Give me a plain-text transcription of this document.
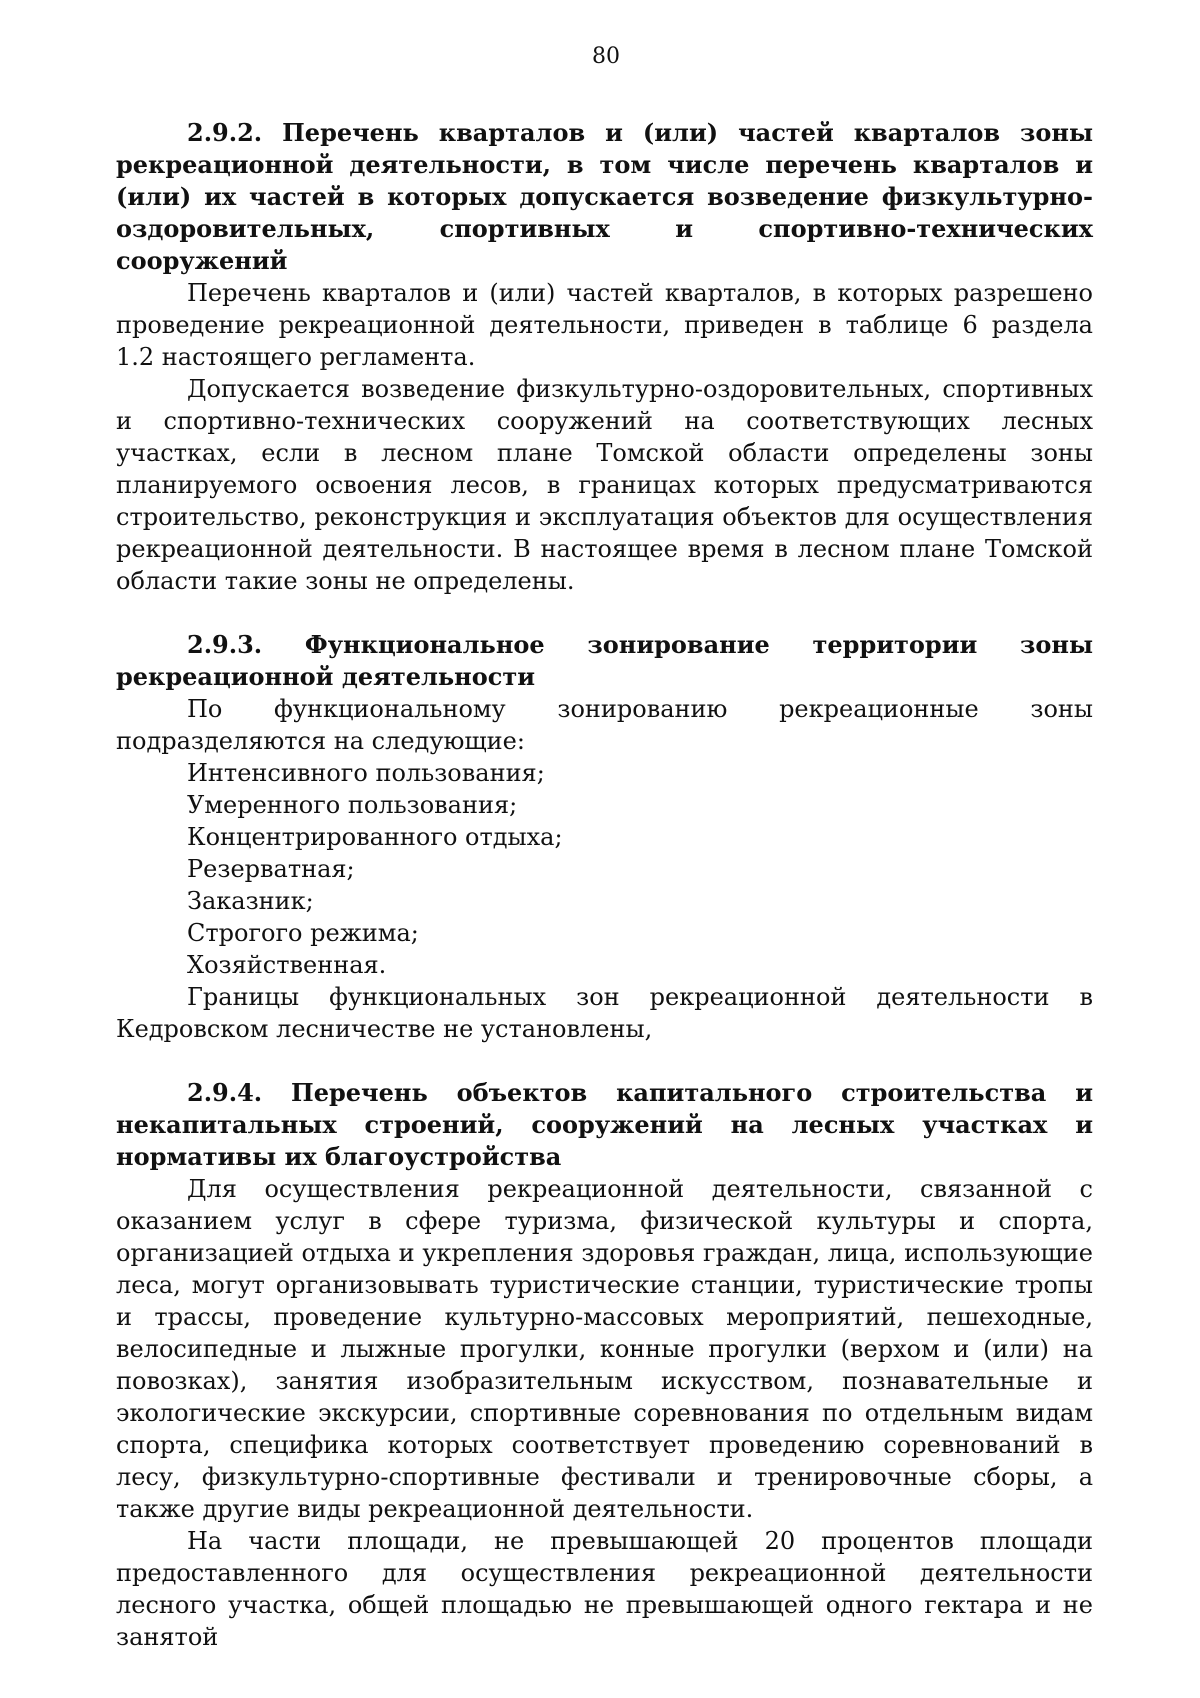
80

2.9.2. Перечень кварталов и (или) частей кварталов зоны рекреационной деятельности, в том числе перечень кварталов и (или) их частей в которых допускается возведение физкультурно-оздоровительных, спортивных и спортивно-технических сооружений

Перечень кварталов и (или) частей кварталов, в которых разрешено проведение рекреационной деятельности, приведен в таблице 6 раздела 1.2 настоящего регламента.

Допускается возведение физкультурно-оздоровительных, спортивных и спортивно-технических сооружений на соответствующих лесных участках, если в лесном плане Томской области определены зоны планируемого освоения лесов, в границах которых предусматриваются строительство, реконструкция и эксплуатация объектов для осуществления рекреационной деятельности. В настоящее время в лесном плане Томской области такие зоны не определены.

2.9.3. Функциональное зонирование территории зоны рекреационной деятельности

По функциональному зонированию рекреационные зоны подразделяются на следующие:

Интенсивного пользования;

Умеренного пользования;

Концентрированного отдыха;

Резерватная;

Заказник;

Строгого режима;

Хозяйственная.

Границы функциональных зон рекреационной деятельности в Кедровском лесничестве не установлены,

2.9.4. Перечень объектов капитального строительства и некапитальных строений, сооружений на лесных участках и нормативы их благоустройства

Для осуществления рекреационной деятельности, связанной с оказанием услуг в сфере туризма, физической культуры и спорта, организацией отдыха и укрепления здоровья граждан, лица, использующие леса, могут организовывать туристические станции, туристические тропы и трассы, проведение культурно-массовых мероприятий, пешеходные, велосипедные и лыжные прогулки, конные прогулки (верхом и (или) на повозках), занятия изобразительным искусством, познавательные и экологические экскурсии, спортивные соревнования по отдельным видам спорта, специфика которых соответствует проведению соревнований в лесу, физкультурно-спортивные фестивали и тренировочные сборы, а также другие виды рекреационной деятельности.

На части площади, не превышающей 20 процентов площади предоставленного для осуществления рекреационной деятельности лесного участка, общей площадью не превышающей одного гектара и не занятой
